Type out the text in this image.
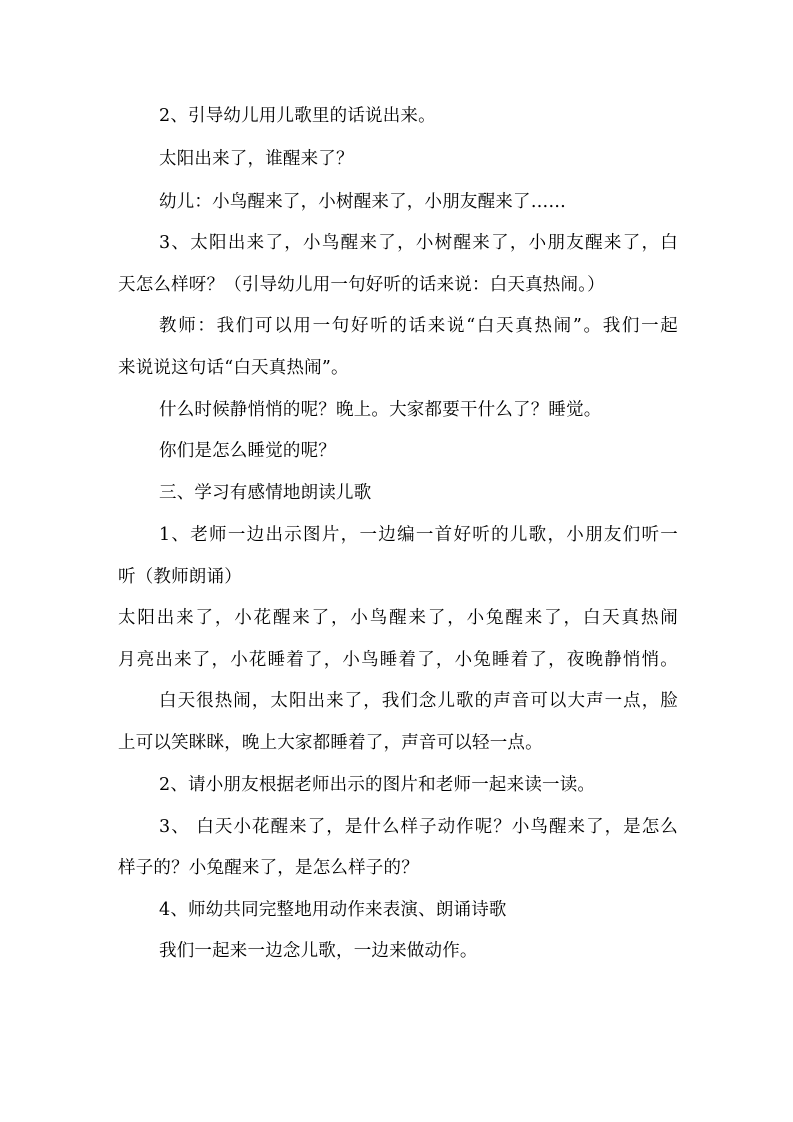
2、引导幼儿用儿歌里的话说出来。
太阳出来了，谁醒来了？
幼儿：小鸟醒来了，小树醒来了，小朋友醒来了……
3、太阳出来了，小鸟醒来了，小树醒来了，小朋友醒来了，白
天怎么样呀？（引导幼儿用一句好听的话来说：白天真热闹。）
教师：我们可以用一句好听的话来说“白天真热闹”。我们一起
来说说这句话“白天真热闹”。
什么时候静悄悄的呢？晚上。大家都要干什么了？睡觉。
你们是怎么睡觉的呢？
三、学习有感情地朗读儿歌
1、老师一边出示图片，一边编一首好听的儿歌，小朋友们听一
听（教师朗诵）
太阳出来了，小花醒来了，小鸟醒来了，小兔醒来了，白天真热闹
月亮出来了，小花睡着了，小鸟睡着了，小兔睡着了，夜晚静悄悄。
白天很热闹，太阳出来了，我们念儿歌的声音可以大声一点，脸
上可以笑眯眯，晚上大家都睡着了，声音可以轻一点。
2、请小朋友根据老师出示的图片和老师一起来读一读。
3、 白天小花醒来了，是什么样子动作呢？小鸟醒来了，是怎么
样子的？小兔醒来了，是怎么样子的？
4、师幼共同完整地用动作来表演、朗诵诗歌
我们一起来一边念儿歌，一边来做动作。
